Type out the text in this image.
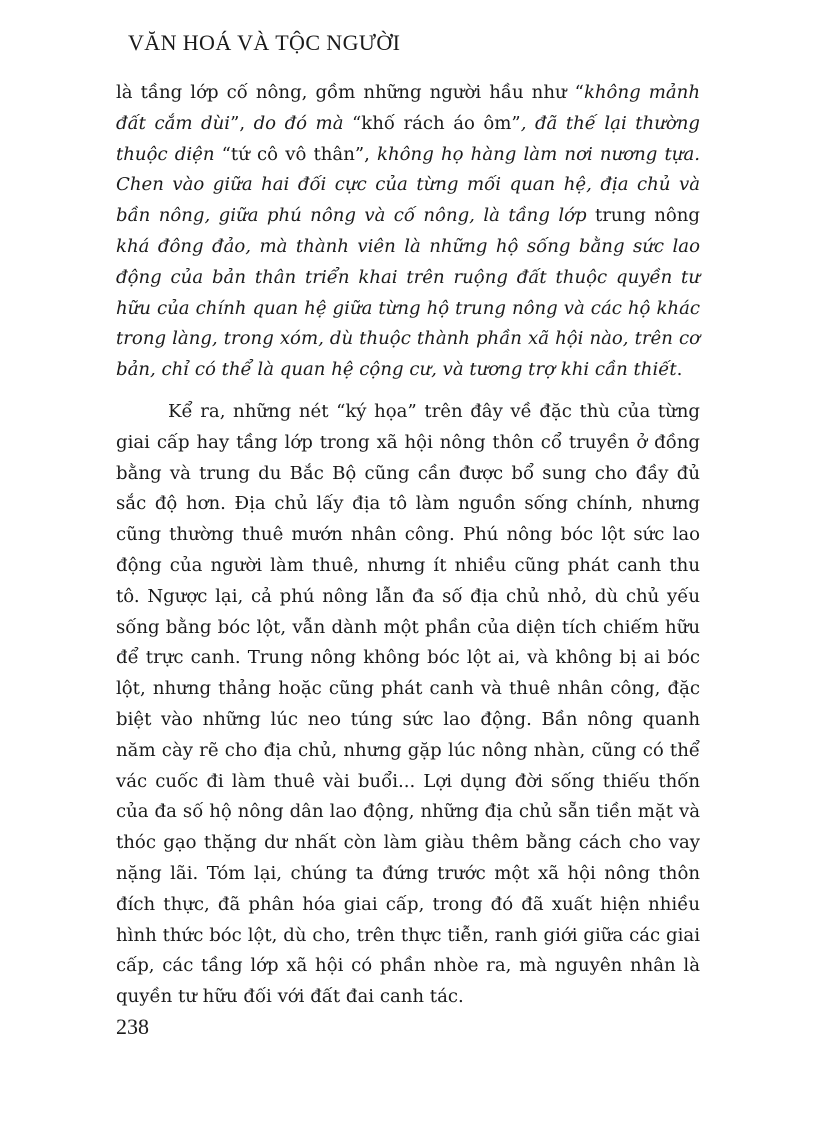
VĂN HOÁ VÀ TỘC NGƯỜI
là tầng lớp cố nông, gồm những người hầu như “không mảnh đất cắm dùi”, do đó mà “khố rách áo ôm”, đã thế lại thường thuộc diện “tứ cô vô thân”, không họ hàng làm nơi nương tựa. Chen vào giữa hai đối cực của từng mối quan hệ, địa chủ và bần nông, giữa phú nông và cố nông, là tầng lớp trung nông khá đông đảo, mà thành viên là những hộ sống bằng sức lao động của bản thân triển khai trên ruộng đất thuộc quyền tư hữu của chính quan hệ giữa từng hộ trung nông và các hộ khác trong làng, trong xóm, dù thuộc thành phần xã hội nào, trên cơ bản, chỉ có thể là quan hệ cộng cư, và tương trợ khi cần thiết.
Kể ra, những nét “ký họa” trên đây về đặc thù của từng giai cấp hay tầng lớp trong xã hội nông thôn cổ truyền ở đồng bằng và trung du Bắc Bộ cũng cần được bổ sung cho đầy đủ sắc độ hơn. Địa chủ lấy địa tô làm nguồn sống chính, nhưng cũng thường thuê mướn nhân công. Phú nông bóc lột sức lao động của người làm thuê, nhưng ít nhiều cũng phát canh thu tô. Ngược lại, cả phú nông lẫn đa số địa chủ nhỏ, dù chủ yếu sống bằng bóc lột, vẫn dành một phần của diện tích chiếm hữu để trực canh. Trung nông không bóc lột ai, và không bị ai bóc lột, nhưng thảng hoặc cũng phát canh và thuê nhân công, đặc biệt vào những lúc neo túng sức lao động. Bần nông quanh năm cày rẽ cho địa chủ, nhưng gặp lúc nông nhàn, cũng có thể vác cuốc đi làm thuê vài buổi... Lợi dụng đời sống thiếu thốn của đa số hộ nông dân lao động, những địa chủ sẵn tiền mặt và thóc gạo thặng dư nhất còn làm giàu thêm bằng cách cho vay nặng lãi. Tóm lại, chúng ta đứng trước một xã hội nông thôn đích thực, đã phân hóa giai cấp, trong đó đã xuất hiện nhiều hình thức bóc lột, dù cho, trên thực tiễn, ranh giới giữa các giai cấp, các tầng lớp xã hội có phần nhòe ra, mà nguyên nhân là quyền tư hữu đối với đất đai canh tác.
238
